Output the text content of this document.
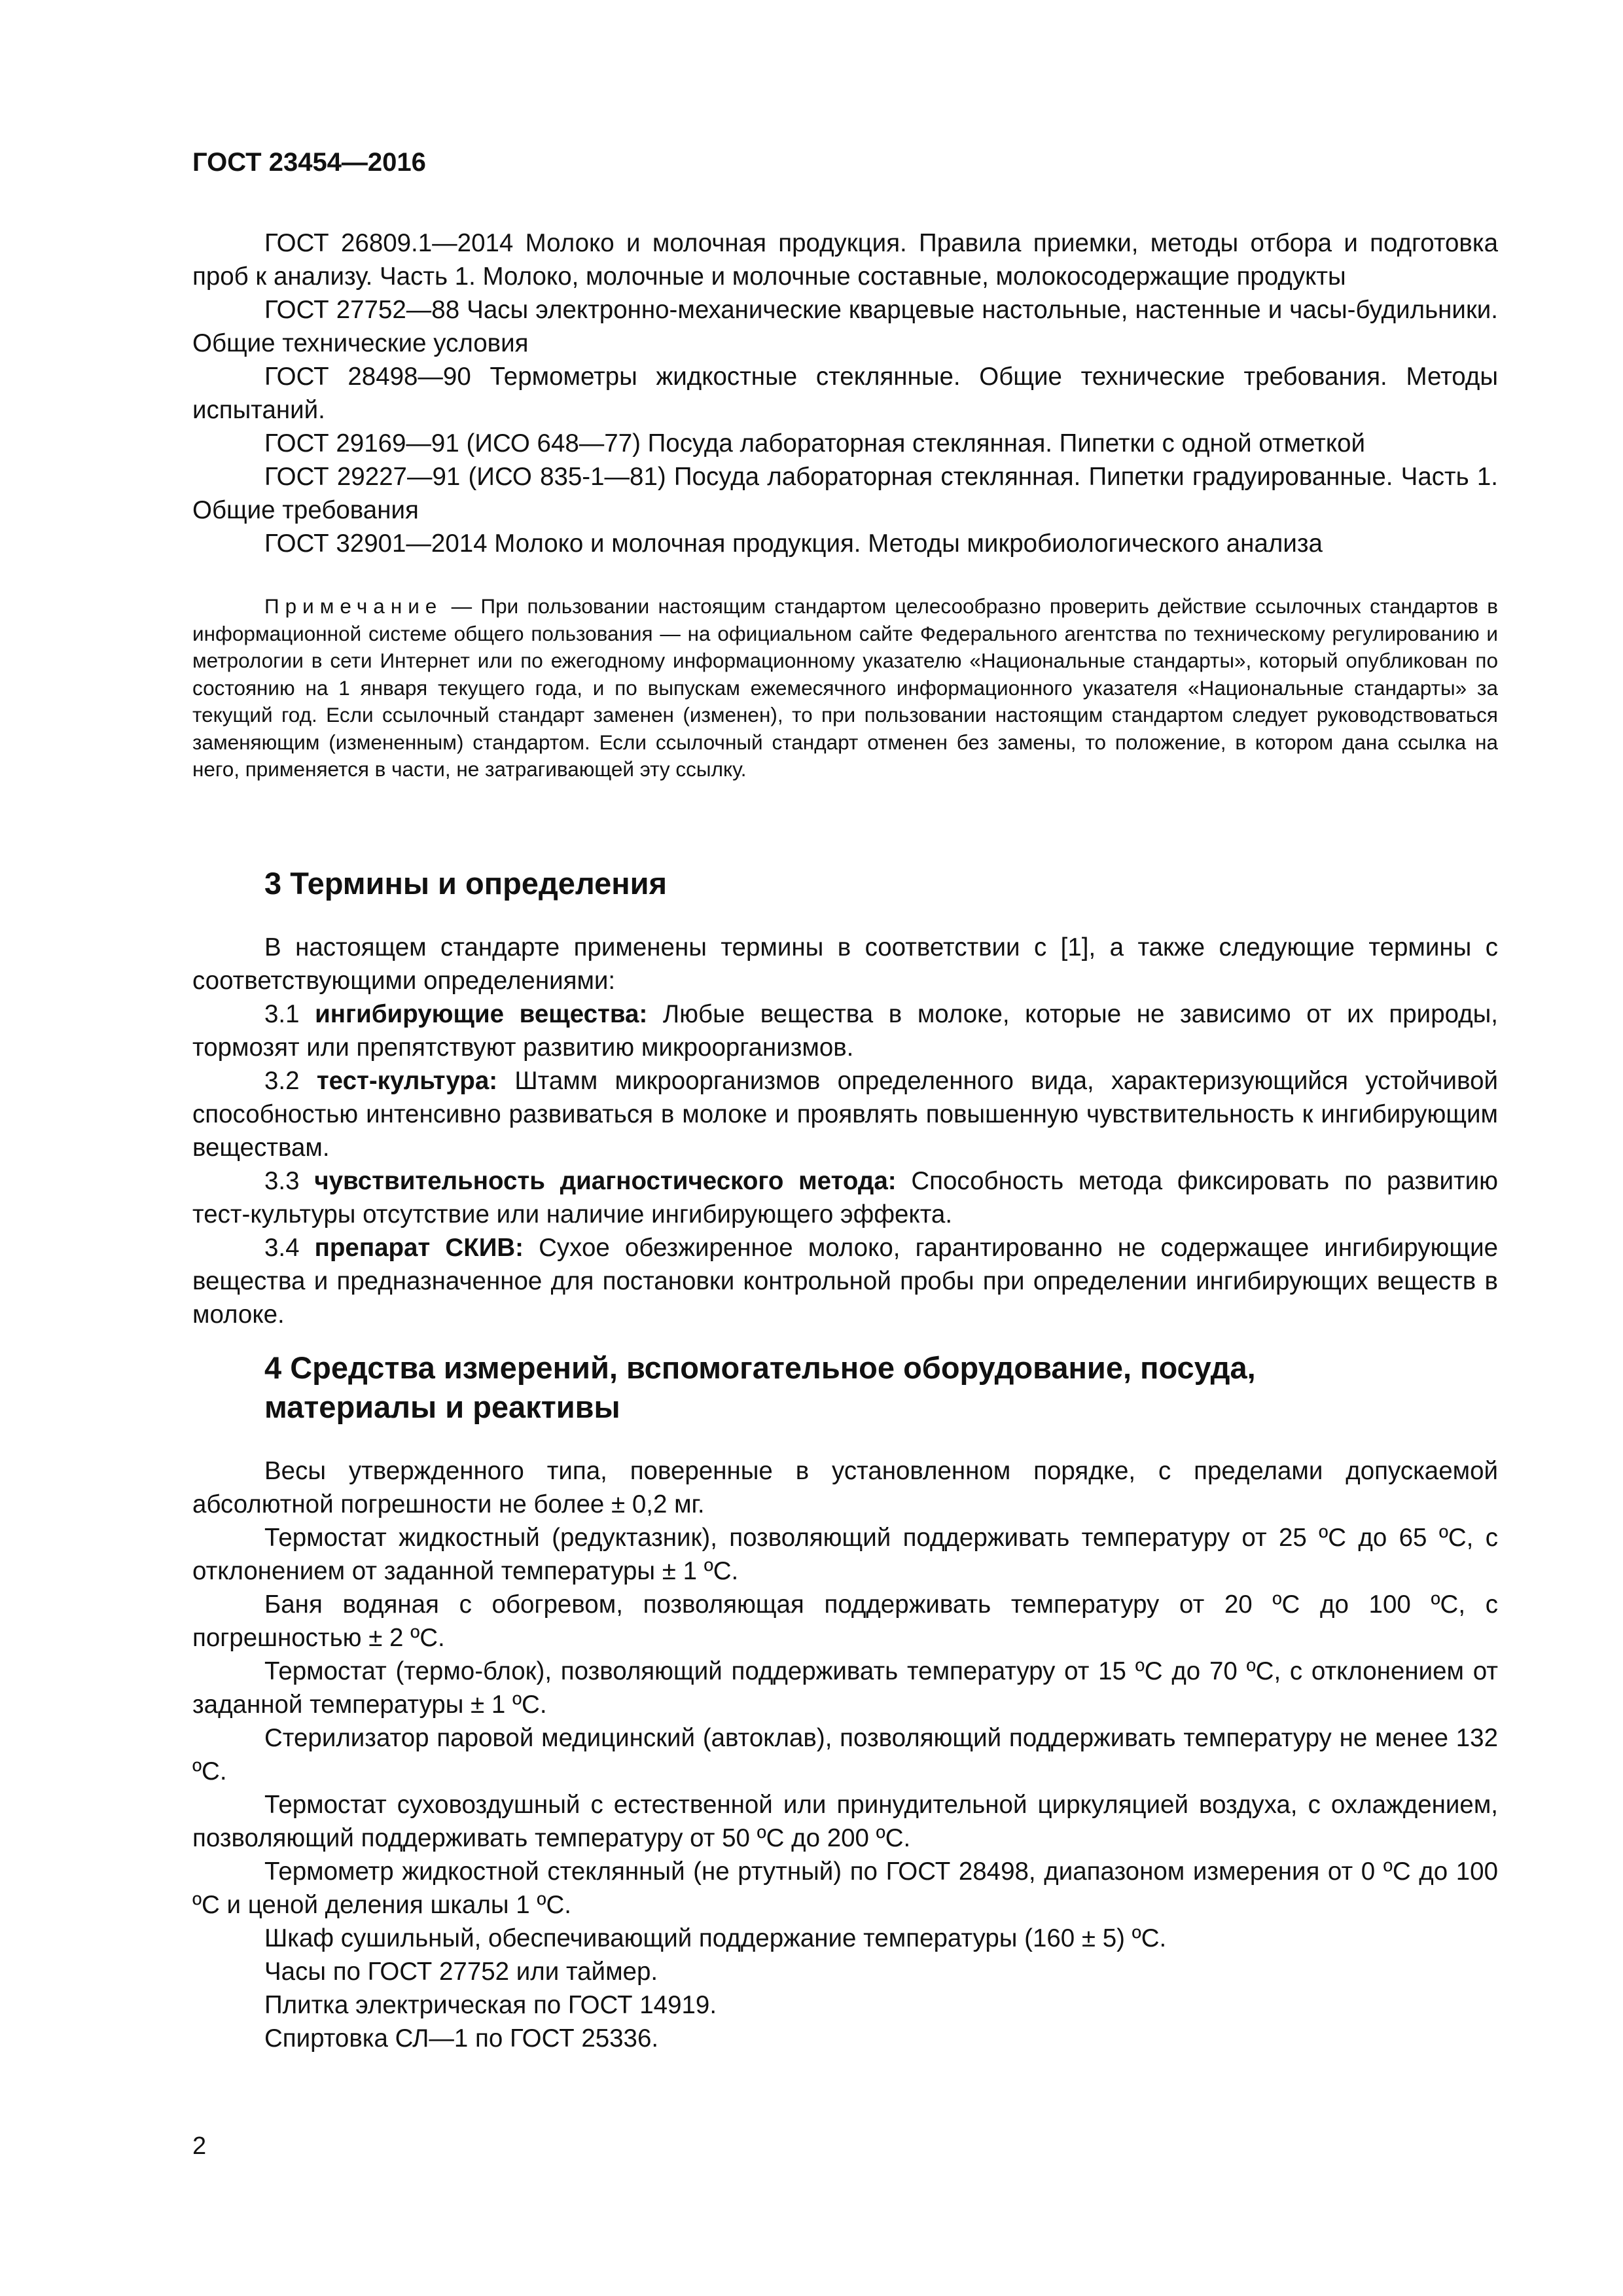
ГОСТ 23454—2016

ГОСТ 26809.1—2014 Молоко и молочная продукция. Правила приемки, методы отбора и подготовка проб к анализу. Часть 1. Молоко, молочные и молочные составные, молокосодержащие продукты

ГОСТ 27752—88 Часы электронно-механические кварцевые настольные, настенные и часы-будильники. Общие технические условия

ГОСТ 28498—90 Термометры жидкостные стеклянные. Общие технические требования. Методы испытаний.

ГОСТ 29169—91 (ИСО 648—77) Посуда лабораторная стеклянная. Пипетки с одной отметкой

ГОСТ 29227—91 (ИСО 835-1—81) Посуда лабораторная стеклянная. Пипетки градуированные. Часть 1. Общие требования

ГОСТ 32901—2014 Молоко и молочная продукция. Методы микробиологического анализа

Примечание — При пользовании настоящим стандартом целесообразно проверить действие ссылочных стандартов в информационной системе общего пользования — на официальном сайте Федерального агентства по техническому регулированию и метрологии в сети Интернет или по ежегодному информационному указателю «Национальные стандарты», который опубликован по состоянию на 1 января текущего года, и по выпускам ежемесячного информационного указателя «Национальные стандарты» за текущий год. Если ссылочный стандарт заменен (изменен), то при пользовании настоящим стандартом следует руководствоваться заменяющим (измененным) стандартом. Если ссылочный стандарт отменен без замены, то положение, в котором дана ссылка на него, применяется в части, не затрагивающей эту ссылку.

3 Термины и определения

В настоящем стандарте применены термины в соответствии с [1], а также следующие термины с соответствующими определениями:

3.1 ингибирующие вещества: Любые вещества в молоке, которые не зависимо от их природы, тормозят или препятствуют развитию микроорганизмов.

3.2 тест-культура: Штамм микроорганизмов определенного вида, характеризующийся устойчивой способностью интенсивно развиваться в молоке и проявлять повышенную чувствительность к ингибирующим веществам.

3.3 чувствительность диагностического метода: Способность метода фиксировать по развитию тест-культуры отсутствие или наличие ингибирующего эффекта.

3.4 препарат СКИВ: Сухое обезжиренное молоко, гарантированно не содержащее ингибирующие вещества и предназначенное для постановки контрольной пробы при определении ингибирующих веществ в молоке.

4 Средства измерений, вспомогательное оборудование, посуда,
материалы и реактивы

Весы утвержденного типа, поверенные в установленном порядке, с пределами допускаемой абсолютной погрешности не более ± 0,2 мг.

Термостат жидкостный (редуктазник), позволяющий поддерживать температуру от 25 ºС до 65 ºС, с отклонением от заданной температуры ± 1 ºС.

Баня водяная с обогревом, позволяющая поддерживать температуру от 20 ºС до 100 ºС, с погрешностью ± 2 ºС.

Термостат (термо-блок), позволяющий поддерживать температуру от 15 ºС до 70 ºС, с отклонением от заданной температуры ± 1 ºС.

Стерилизатор паровой медицинский (автоклав), позволяющий поддерживать температуру не менее 132 ºС.

Термостат суховоздушный с естественной или принудительной циркуляцией воздуха, с охлаждением, позволяющий поддерживать температуру от 50 ºС до 200 ºС.

Термометр жидкостной стеклянный (не ртутный) по ГОСТ 28498, диапазоном измерения от 0 ºС до 100 ºС и ценой деления шкалы 1 ºС.

Шкаф сушильный, обеспечивающий поддержание температуры (160 ± 5) ºС.

Часы по ГОСТ 27752 или таймер.

Плитка электрическая по ГОСТ 14919.

Спиртовка СЛ—1 по ГОСТ 25336.

2
